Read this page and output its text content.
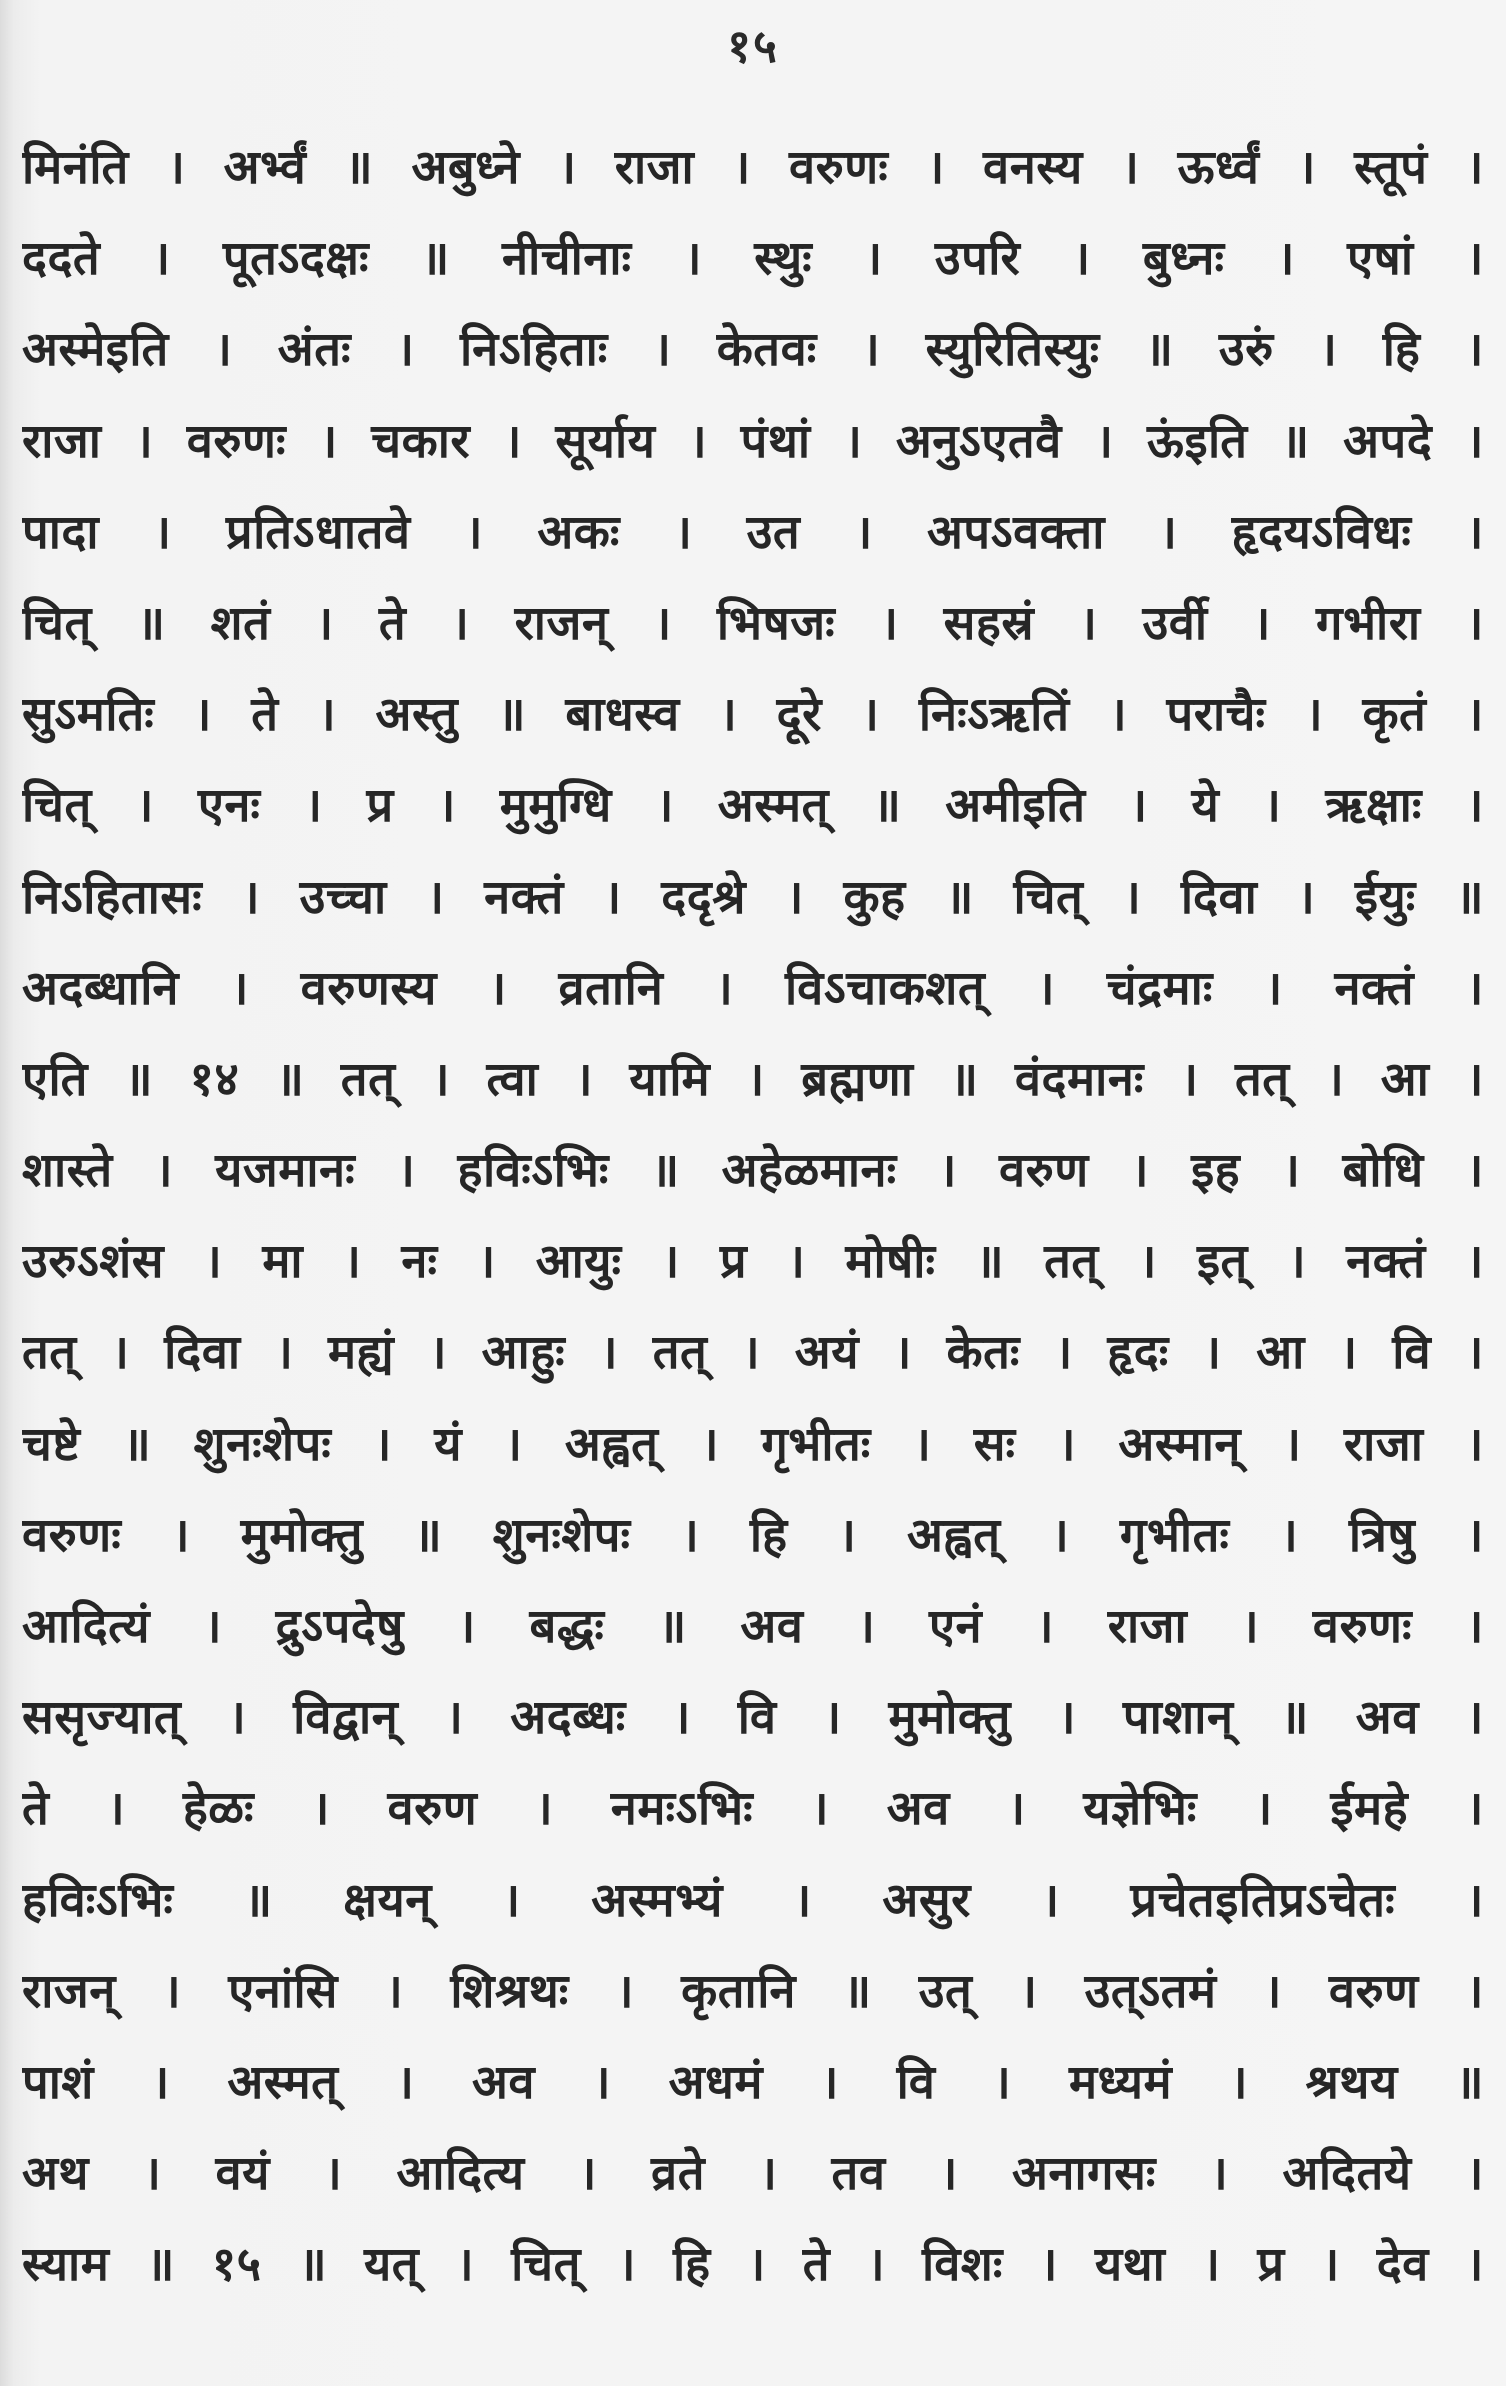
१५
मिनंति । अर्भ्वं ॥ अबुध्ने । राजा । वरुणः । वनस्य । ऊर्ध्वं । स्तूपं ।
ददते । पूतऽदक्षः ॥ नीचीनाः । स्थुः । उपरि । बुध्नः । एषां ।
अस्मेइति । अंतः । निऽहिताः । केतवः । स्युरितिस्युः ॥ उरुं । हि ।
राजा । वरुणः । चकार । सूर्याय । पंथां । अनुऽएतवै । ऊंइति ॥ अपदे ।
पादा । प्रतिऽधातवे । अकः । उत । अपऽवक्ता । हृदयऽविधः ।
चित् ॥ शतं । ते । राजन् । भिषजः । सहस्रं । उर्वी । गभीरा ।
सुऽमतिः । ते । अस्तु ॥ बाधस्व । दूरे । निःऽऋतिं । पराचैः । कृतं ।
चित् । एनः । प्र । मुमुग्धि । अस्मत् ॥ अमीइति । ये । ऋक्षाः ।
निऽहितासः । उच्चा । नक्तं । ददृश्रे । कुह ॥ चित् । दिवा । ईयुः ॥
अदब्धानि । वरुणस्य । व्रतानि । विऽचाकशत् । चंद्रमाः । नक्तं ।
एति ॥ १४ ॥ तत् । त्वा । यामि । ब्रह्मणा ॥ वंदमानः । तत् । आ ।
शास्ते । यजमानः । हविःऽभिः ॥ अहेळमानः । वरुण । इह । बोधि ।
उरुऽशंस । मा । नः । आयुः । प्र । मोषीः ॥ तत् । इत् । नक्तं ।
तत् । दिवा । मह्यं । आहुः । तत् । अयं । केतः । हृदः । आ । वि ।
चष्टे ॥ शुनःशेपः । यं । अह्वत् । गृभीतः । सः । अस्मान् । राजा ।
वरुणः । मुमोक्तु ॥ शुनःशेपः । हि । अह्वत् । गृभीतः । त्रिषु ।
आदित्यं । द्रुऽपदेषु । बद्धः ॥ अव । एनं । राजा । वरुणः ।
ससृज्यात् । विद्वान् । अदब्धः । वि । मुमोक्तु । पाशान् ॥ अव ।
ते । हेळः । वरुण । नमःऽभिः । अव । यज्ञेभिः । ईमहे ।
हविःऽभिः ॥ क्षयन् । अस्मभ्यं । असुर । प्रचेतइतिप्रऽचेतः ।
राजन् । एनांसि । शिश्रथः । कृतानि ॥ उत् । उत्ऽतमं । वरुण ।
पाशं । अस्मत् । अव । अधमं । वि । मध्यमं । श्रथय ॥
अथ । वयं । आदित्य । व्रते । तव । अनागसः । अदितये ।
स्याम ॥ १५ ॥ यत् । चित् । हि । ते । विशः । यथा । प्र । देव ।
